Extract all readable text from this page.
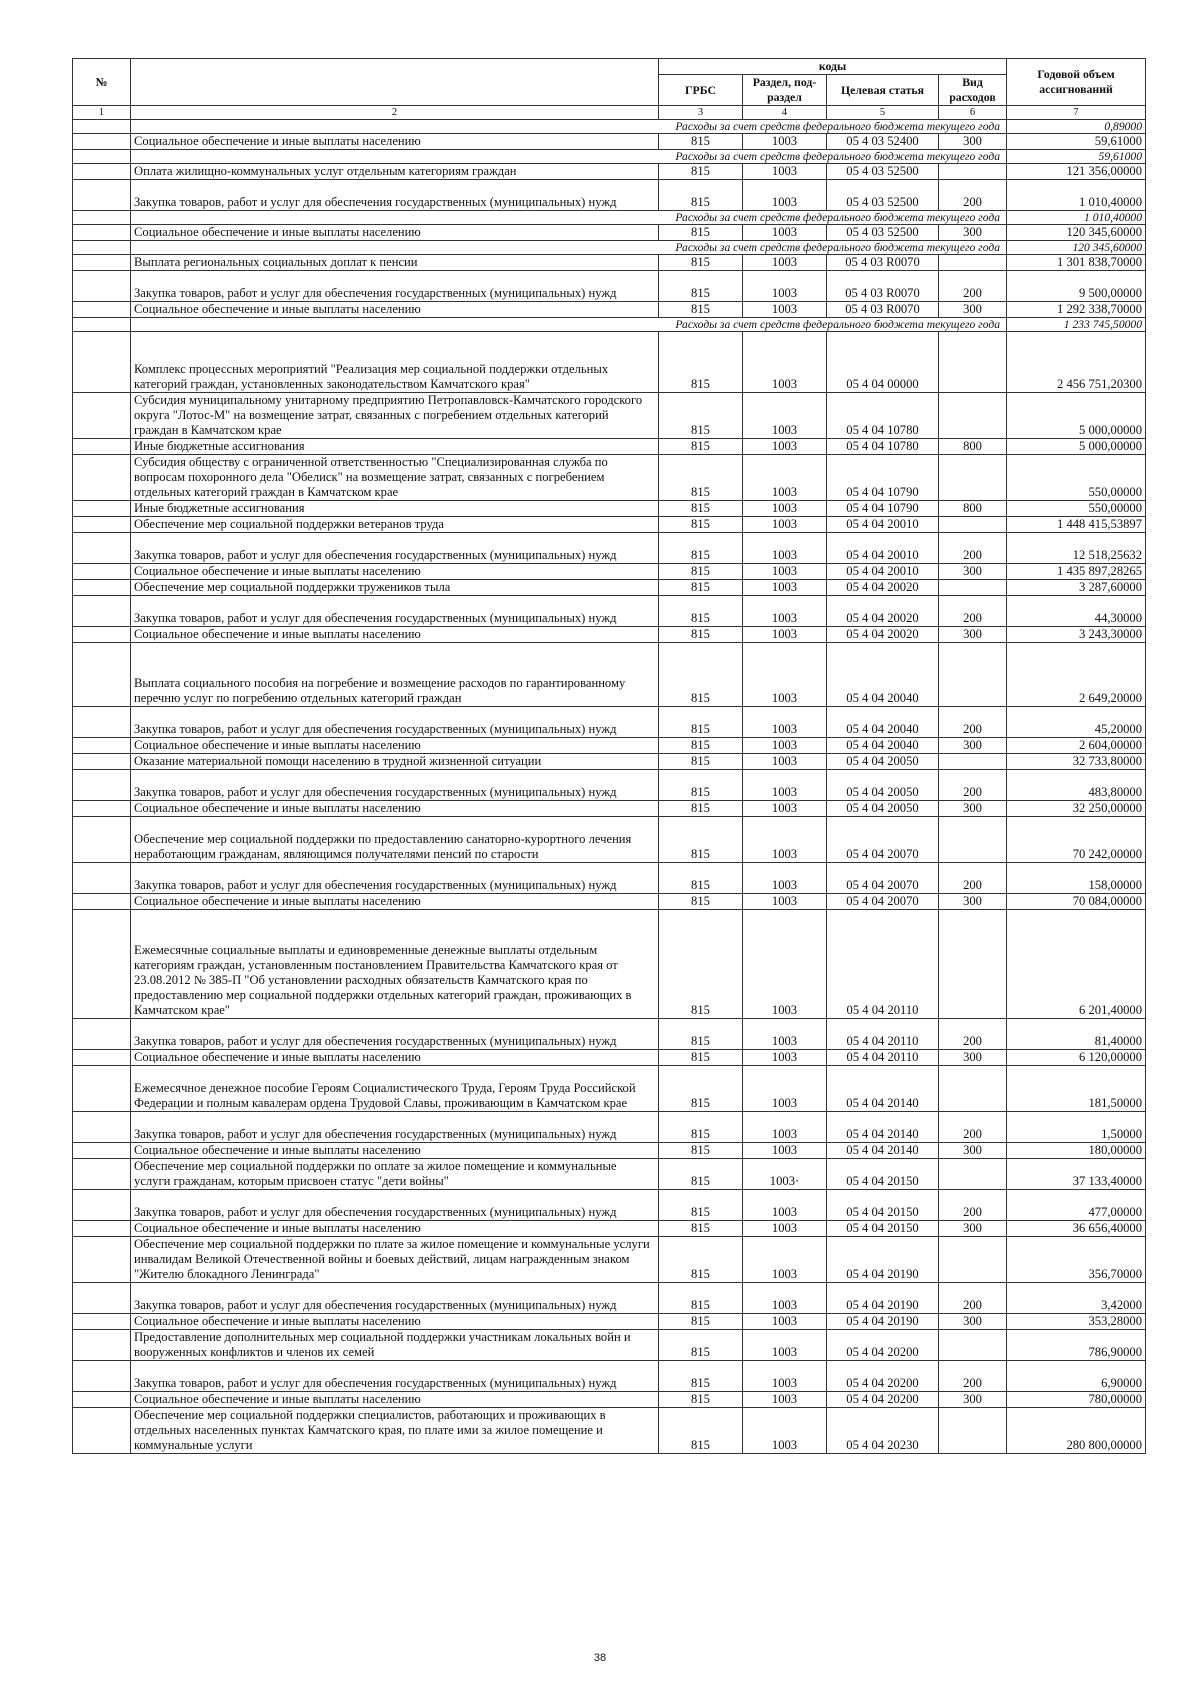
№		коды				Годовой объем ассигнований
		ГРБС	Раздел, под-раздел	Целевая статья	Вид расходов	
1	2	3	4	5	6	7
	Расходы за счет средств федерального бюджета текущего года					0,89000
	Социальное обеспечение и иные выплаты населению	815	1003	05 4 03 52400	300	59,61000
	Расходы за счет средств федерального бюджета текущего года					59,61000
	Оплата жилищно-коммунальных услуг отдельным категориям граждан	815	1003	05 4 03 52500		121 356,00000
	Закупка товаров, работ и услуг для обеспечения государственных (муниципальных) нужд	815	1003	05 4 03 52500	200	1 010,40000
	Расходы за счет средств федерального бюджета текущего года					1 010,40000
	Социальное обеспечение и иные выплаты населению	815	1003	05 4 03 52500	300	120 345,60000
	Расходы за счет средств федерального бюджета текущего года					120 345,60000
	Выплата региональных социальных доплат к пенсии	815	1003	05 4 03 R0070		1 301 838,70000
	Закупка товаров, работ и услуг для обеспечения государственных (муниципальных) нужд	815	1003	05 4 03 R0070	200	9 500,00000
	Социальное обеспечение и иные выплаты населению	815	1003	05 4 03 R0070	300	1 292 338,70000
	Расходы за счет средств федерального бюджета текущего года					1 233 745,50000
	Комплекс процессных мероприятий "Реализация мер социальной поддержки отдельных категорий граждан, установленных законодательством Камчатского края"	815	1003	05 4 04 00000		2 456 751,20300
	Субсидия муниципальному унитарному предприятию Петропавловск-Камчатского городского округа "Лотос-М" на возмещение затрат, связанных с погребением отдельных категорий граждан в Камчатском крае	815	1003	05 4 04 10780		5 000,00000
	Иные бюджетные ассигнования	815	1003	05 4 04 10780	800	5 000,00000
	Субсидия обществу с ограниченной ответственностью "Специализированная служба по вопросам похоронного дела "Обелиск" на возмещение затрат, связанных с погребением отдельных категорий граждан в Камчатском крае	815	1003	05 4 04 10790		550,00000
	Иные бюджетные ассигнования	815	1003	05 4 04 10790	800	550,00000
	Обеспечение мер социальной поддержки ветеранов труда	815	1003	05 4 04 20010		1 448 415,53897
	Закупка товаров, работ и услуг для обеспечения государственных (муниципальных) нужд	815	1003	05 4 04 20010	200	12 518,25632
	Социальное обеспечение и иные выплаты населению	815	1003	05 4 04 20010	300	1 435 897,28265
	Обеспечение мер социальной поддержки тружеников тыла	815	1003	05 4 04 20020		3 287,60000
	Закупка товаров, работ и услуг для обеспечения государственных (муниципальных) нужд	815	1003	05 4 04 20020	200	44,30000
	Социальное обеспечение и иные выплаты населению	815	1003	05 4 04 20020	300	3 243,30000
	Выплата социального пособия на погребение и возмещение расходов по гарантированному перечню услуг по погребению отдельных категорий граждан	815	1003	05 4 04 20040		2 649,20000
	Закупка товаров, работ и услуг для обеспечения государственных (муниципальных) нужд	815	1003	05 4 04 20040	200	45,20000
	Социальное обеспечение и иные выплаты населению	815	1003	05 4 04 20040	300	2 604,00000
	Оказание материальной помощи населению в трудной жизненной ситуации	815	1003	05 4 04 20050		32 733,80000
	Закупка товаров, работ и услуг для обеспечения государственных (муниципальных) нужд	815	1003	05 4 04 20050	200	483,80000
	Социальное обеспечение и иные выплаты населению	815	1003	05 4 04 20050	300	32 250,00000
	Обеспечение мер социальной поддержки по предоставлению санаторно-курортного лечения неработающим гражданам, являющимся получателями пенсий по старости	815	1003	05 4 04 20070		70 242,00000
	Закупка товаров, работ и услуг для обеспечения государственных (муниципальных) нужд	815	1003	05 4 04 20070	200	158,00000
	Социальное обеспечение и иные выплаты населению	815	1003	05 4 04 20070	300	70 084,00000
	Ежемесячные социальные выплаты и единовременные денежные выплаты отдельным категориям граждан, установленным постановлением Правительства Камчатского края от 23.08.2012 № 385-П "Об установлении расходных обязательств Камчатского края по предоставлению мер социальной поддержки отдельных категорий граждан, проживающих в Камчатском крае"	815	1003	05 4 04 20110		6 201,40000
	Закупка товаров, работ и услуг для обеспечения государственных (муниципальных) нужд	815	1003	05 4 04 20110	200	81,40000
	Социальное обеспечение и иные выплаты населению	815	1003	05 4 04 20110	300	6 120,00000
	Ежемесячное денежное пособие Героям Социалистического Труда, Героям Труда Российской Федерации и полным кавалерам ордена Трудовой Славы, проживающим в Камчатском крае	815	1003	05 4 04 20140		181,50000
	Закупка товаров, работ и услуг для обеспечения государственных (муниципальных) нужд	815	1003	05 4 04 20140	200	1,50000
	Социальное обеспечение и иные выплаты населению	815	1003	05 4 04 20140	300	180,00000
	Обеспечение мер социальной поддержки по оплате за жилое помещение и коммунальные услуги гражданам, которым присвоен статус "дети войны"	815	1003·	05 4 04 20150		37 133,40000
	Закупка товаров, работ и услуг для обеспечения государственных (муниципальных) нужд	815	1003	05 4 04 20150	200	477,00000
	Социальное обеспечение и иные выплаты населению	815	1003	05 4 04 20150	300	36 656,40000
	Обеспечение мер социальной поддержки по плате за жилое помещение и коммунальные услуги инвалидам Великой Отечественной войны и боевых действий, лицам награжденным знаком "Жителю блокадного Ленинграда"	815	1003	05 4 04 20190		356,70000
	Закупка товаров, работ и услуг для обеспечения государственных (муниципальных) нужд	815	1003	05 4 04 20190	200	3,42000
	Социальное обеспечение и иные выплаты населению	815	1003	05 4 04 20190	300	353,28000
	Предоставление дополнительных мер социальной поддержки участникам локальных войн и вооруженных конфликтов и членов их семей	815	1003	05 4 04 20200		786,90000
	Закупка товаров, работ и услуг для обеспечения государственных (муниципальных) нужд	815	1003	05 4 04 20200	200	6,90000
	Социальное обеспечение и иные выплаты населению	815	1003	05 4 04 20200	300	780,00000
	Обеспечение мер социальной поддержки специалистов, работающих и проживающих в отдельных населенных пунктах Камчатского края, по плате ими за жилое помещение и коммунальные услуги	815	1003	05 4 04 20230		280 800,00000
38
